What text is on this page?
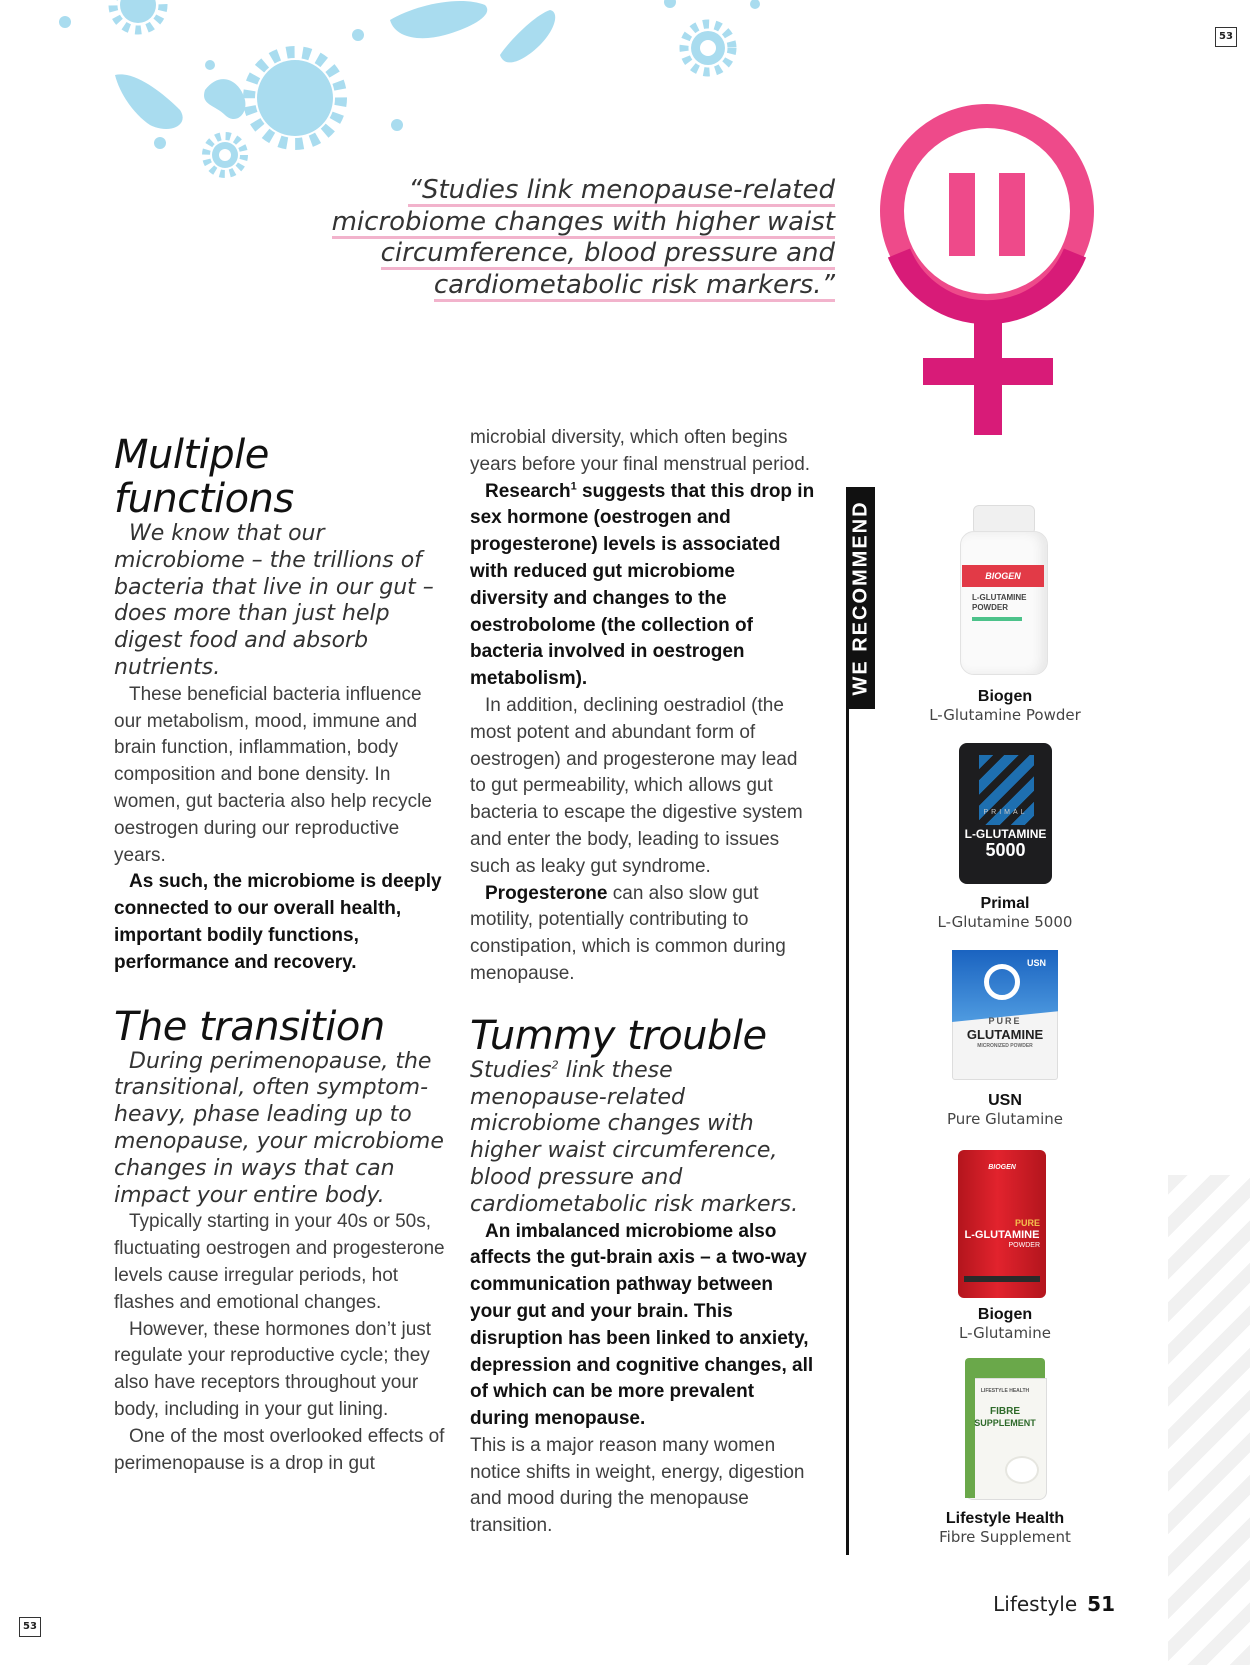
53
53
“Studies link menopause-related
microbiome changes with higher waist
circumference, blood pressure and
cardiometabolic risk markers.”
Multiple
functions

We know that our microbiome – the trillions of bacteria that live in our gut – does more than just help digest food and absorb nutrients.

These beneficial bacteria influence our metabolism, mood, immune and brain function, inflammation, body composition and bone density. In women, gut bacteria also help recycle oestrogen during our reproductive years.

As such, the microbiome is deeply connected to our overall health, important bodily functions, performance and recovery.

The transition

During perimenopause, the transitional, often symptom-heavy, phase leading up to menopause, your microbiome changes in ways that can impact your entire body.

Typically starting in your 40s or 50s, fluctuating oestrogen and progesterone levels cause irregular periods, hot flashes and emotional changes.

However, these hormones don’t just regulate your reproductive cycle; they also have receptors throughout your body, including in your gut lining.

One of the most overlooked effects of perimenopause is a drop in gut

microbial diversity, which often begins years before your final menstrual period.

Research$^1$ suggests that this drop in sex hormone (oestrogen and progesterone) levels is associated with reduced gut microbiome diversity and changes to the oestrobolome (the collection of bacteria involved in oestrogen metabolism).

In addition, declining oestradiol (the most potent and abundant form of oestrogen) and progesterone may lead to gut permeability, which allows gut bacteria to escape the digestive system and enter the body, leading to issues such as leaky gut syndrome.

Progesterone can also slow gut motility, potentially contributing to constipation, which is common during menopause.

Tummy trouble

Studies$^2$ link these menopause-related microbiome changes with higher waist circumference, blood pressure and cardiometabolic risk markers.

An imbalanced microbiome also affects the gut-brain axis – a two-way communication pathway between your gut and your brain. This disruption has been linked to anxiety, depression and cognitive changes, all of which can be more prevalent during menopause.

This is a major reason many women notice shifts in weight, energy, digestion and mood during the menopause transition.

WE RECOMMEND	BIOGEN
L-GLUTAMINE POWDER
Biogen
L-Glutamine Powder
PRIMAL
L-GLUTAMINE
5000
Primal
L-Glutamine 5000
USN
PURE
GLUTAMINE
MICRONIZED POWDER
USN
Pure Glutamine
BIOGEN
PURE
L-GLUTAMINE
POWDER
Biogen
L-Glutamine
LIFESTYLE HEALTH
FIBRE
SUPPLEMENT
Lifestyle Health
Fibre Supplement
Lifestyle 51
